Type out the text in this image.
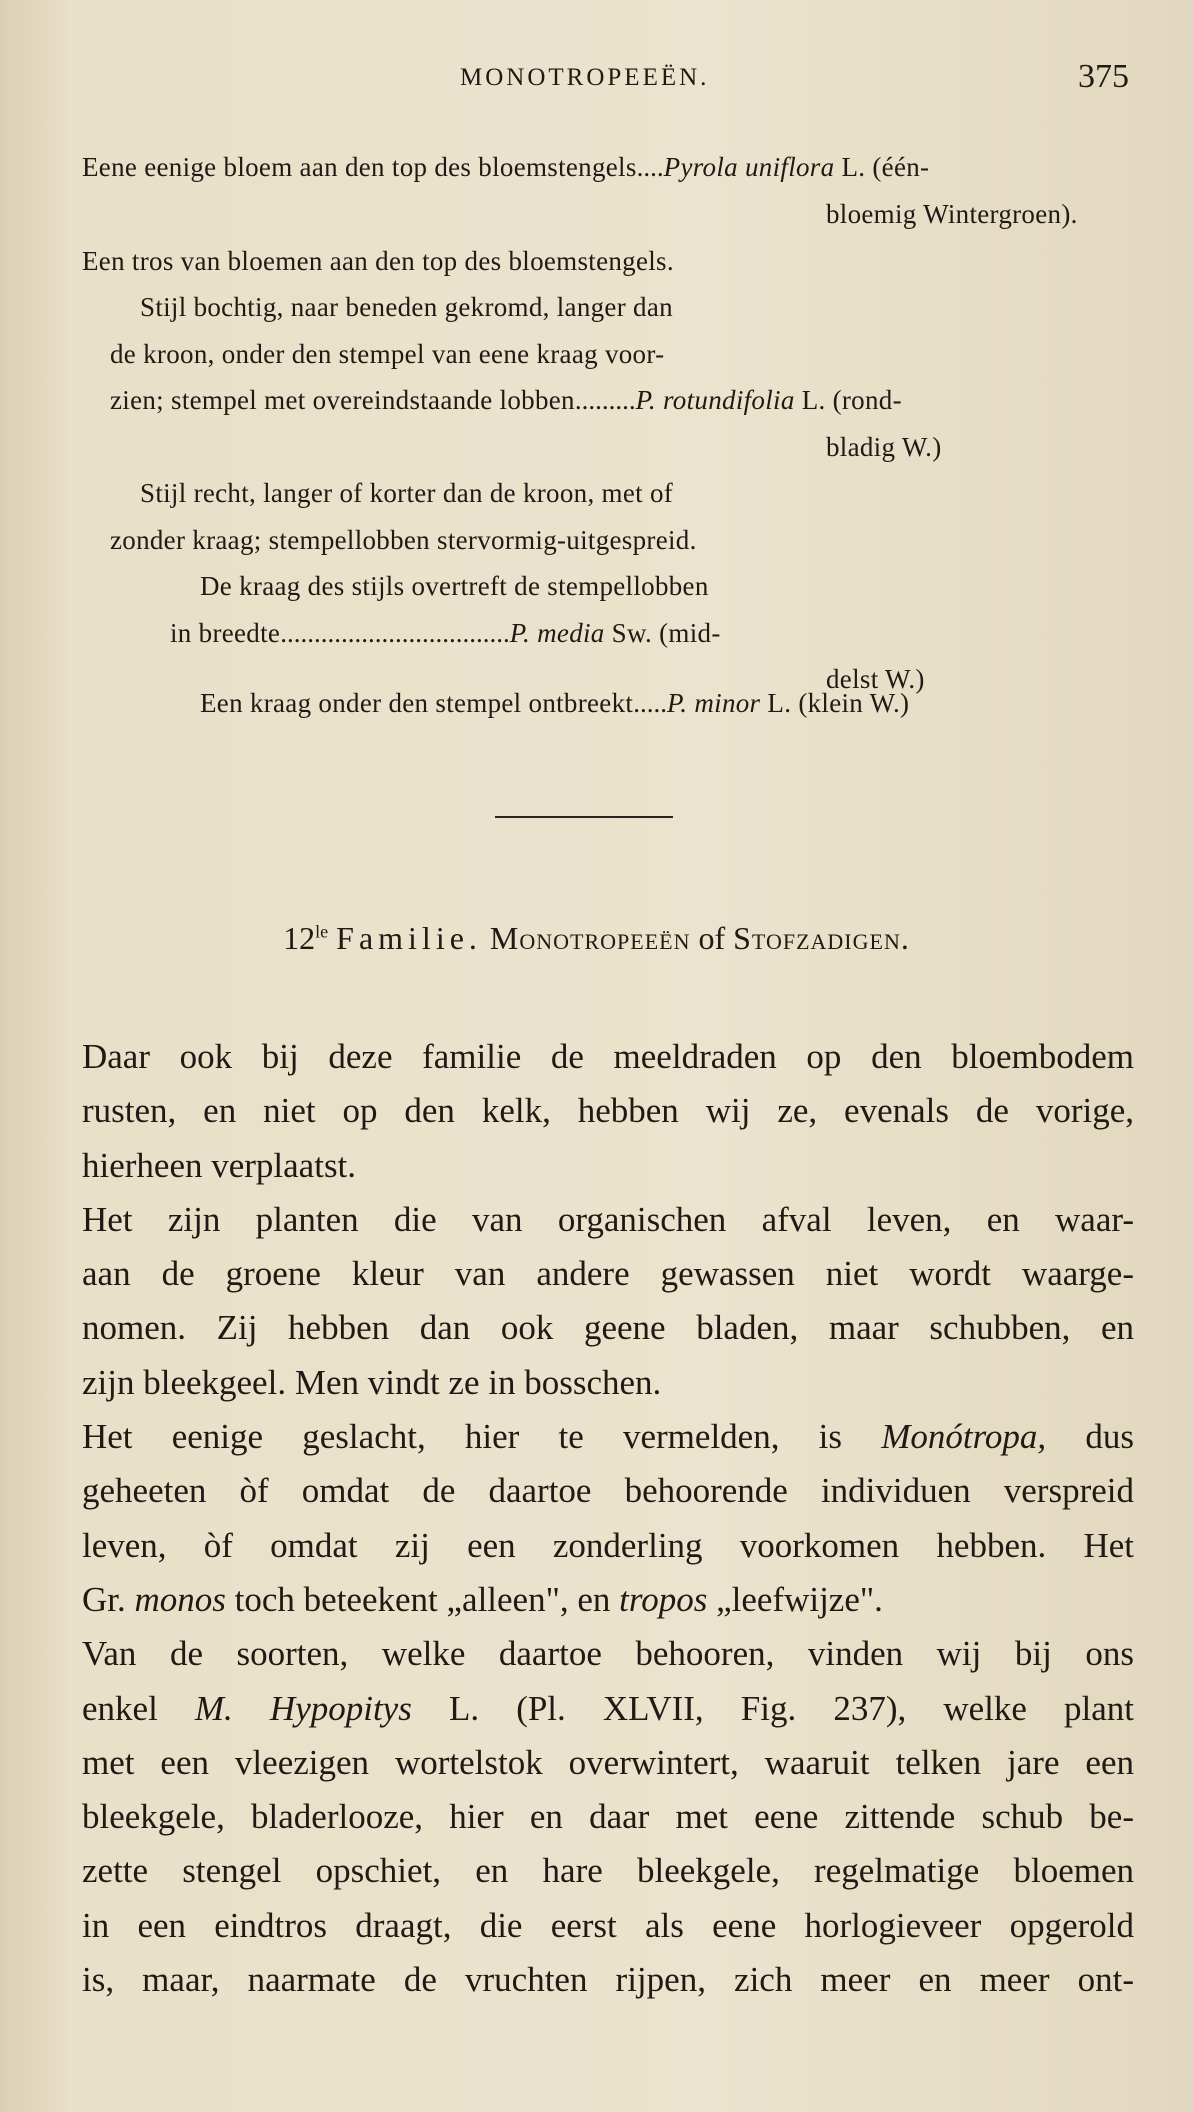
MONOTROPEEËN.	375
Eene eenige bloem aan den top des bloemstengels....Pyrola uniflora L. (één-
bloemig Wintergroen).
Een tros van bloemen aan den top des bloemstengels.
Stijl bochtig, naar beneden gekromd, langer dan
de kroon, onder den stempel van eene kraag voor-
zien; stempel met overeindstaande lobben.........P. rotundifolia L. (rond-
bladig W.)
Stijl recht, langer of korter dan de kroon, met of
zonder kraag; stempellobben stervormig-uitgespreid.
De kraag des stijls overtreft de stempellobben
in breedte..................................P. media Sw. (mid-
delst W.)
Een kraag onder den stempel ontbreekt.....P. minor L. (klein W.)
$12^{le}$ Familie. Monotropeeën of Stofzadigen.
Daar ook bij deze familie de meeldraden op den bloembodem
rusten, en niet op den kelk, hebben wij ze, evenals de vorige,
hierheen verplaatst.
Het zijn planten die van organischen afval leven, en waar-
aan de groene kleur van andere gewassen niet wordt waarge-
nomen. Zij hebben dan ook geene bladen, maar schubben, en
zijn bleekgeel. Men vindt ze in bosschen.
Het eenige geslacht, hier te vermelden, is Monótropa, dus
geheeten òf omdat de daartoe behoorende individuen verspreid
leven, òf omdat zij een zonderling voorkomen hebben. Het
Gr. monos toch beteekent „alleen", en tropos „leefwijze".
Van de soorten, welke daartoe behooren, vinden wij bij ons
enkel M. Hypopitys L. (Pl. XLVII, Fig. 237), welke plant
met een vleezigen wortelstok overwintert, waaruit telken jare een
bleekgele, bladerlooze, hier en daar met eene zittende schub be-
zette stengel opschiet, en hare bleekgele, regelmatige bloemen
in een eindtros draagt, die eerst als eene horlogieveer opgerold
is, maar, naarmate de vruchten rijpen, zich meer en meer ont-
